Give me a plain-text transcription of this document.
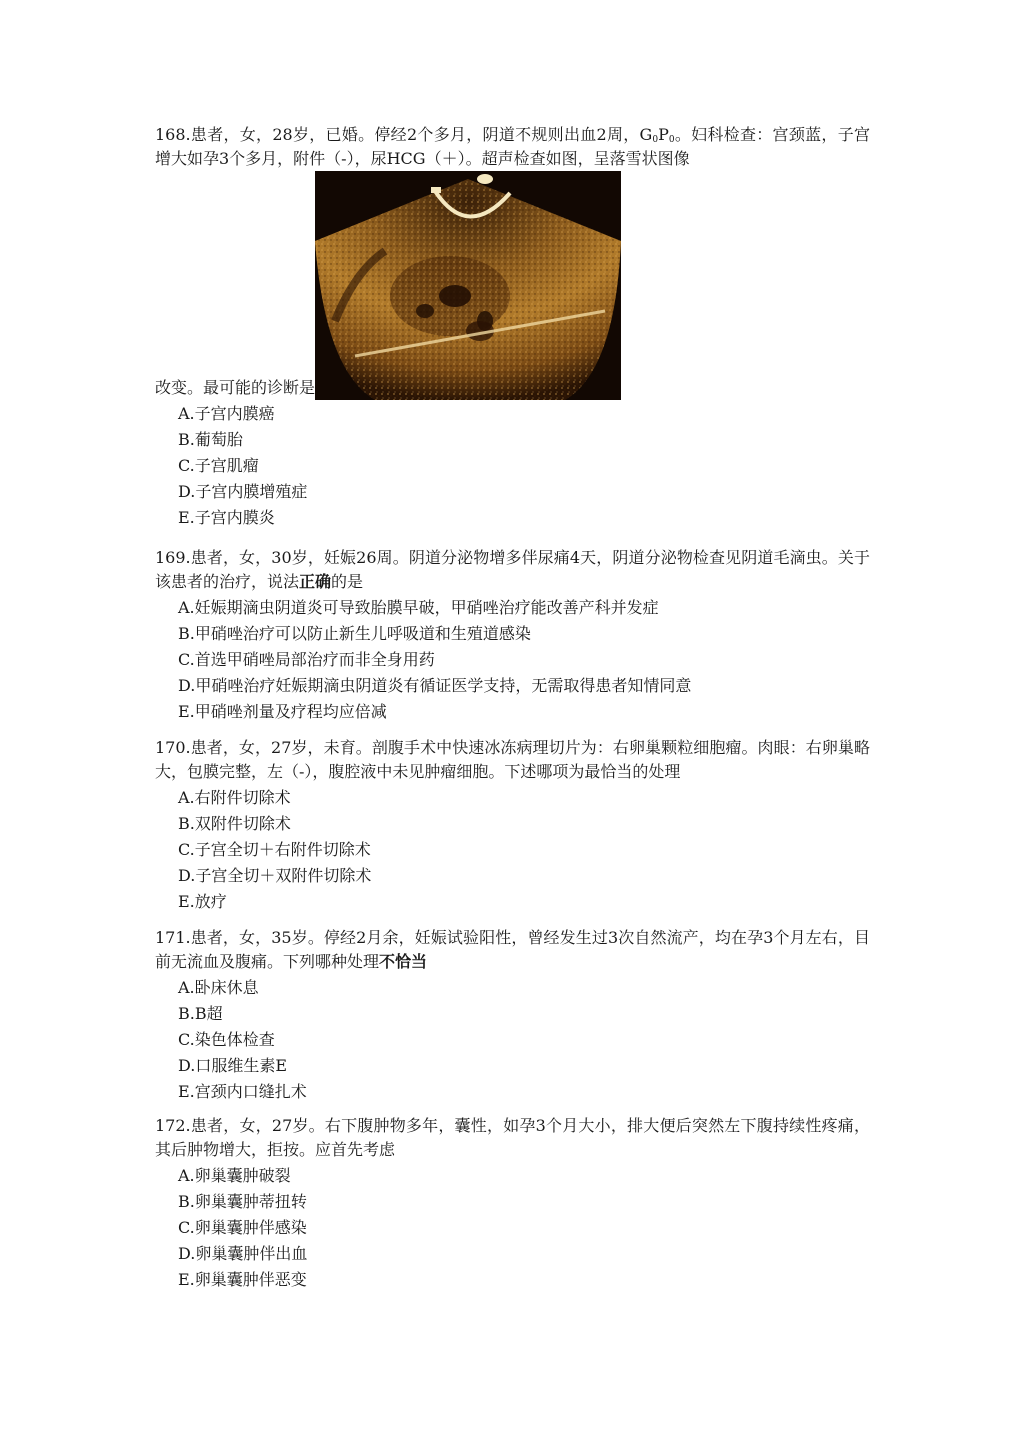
168.患者，女，28岁，已婚。停经2个多月，阴道不规则出血2周，$G_0P_0$。妇科检查：宫颈蓝，子宫增大如孕3个多月，附件（-），尿HCG（＋）。超声检查如图，呈落雪状图像

改变。最可能的诊断是
A.子宫内膜癌
B.葡萄胎
C.子宫肌瘤
D.子宫内膜增殖症
E.子宫内膜炎

169.患者，女，30岁，妊娠26周。阴道分泌物增多伴尿痛4天，阴道分泌物检查见阴道毛滴虫。关于该患者的治疗，说法正确的是

A.妊娠期滴虫阴道炎可导致胎膜早破，甲硝唑治疗能改善产科并发症
B.甲硝唑治疗可以防止新生儿呼吸道和生殖道感染
C.首选甲硝唑局部治疗而非全身用药
D.甲硝唑治疗妊娠期滴虫阴道炎有循证医学支持，无需取得患者知情同意
E.甲硝唑剂量及疗程均应倍减

170.患者，女，27岁，未育。剖腹手术中快速冰冻病理切片为：右卵巢颗粒细胞瘤。肉眼：右卵巢略大，包膜完整，左（-），腹腔液中未见肿瘤细胞。下述哪项为最恰当的处理

A.右附件切除术
B.双附件切除术
C.子宫全切＋右附件切除术
D.子宫全切＋双附件切除术
E.放疗

171.患者，女，35岁。停经2月余，妊娠试验阳性，曾经发生过3次自然流产，均在孕3个月左右，目前无流血及腹痛。下列哪种处理不恰当

A.卧床休息
B.B超
C.染色体检查
D.口服维生素E
E.宫颈内口缝扎术

172.患者，女，27岁。右下腹肿物多年，囊性，如孕3个月大小，排大便后突然左下腹持续性疼痛，其后肿物增大，拒按。应首先考虑

A.卵巢囊肿破裂
B.卵巢囊肿蒂扭转
C.卵巢囊肿伴感染
D.卵巢囊肿伴出血
E.卵巢囊肿伴恶变
